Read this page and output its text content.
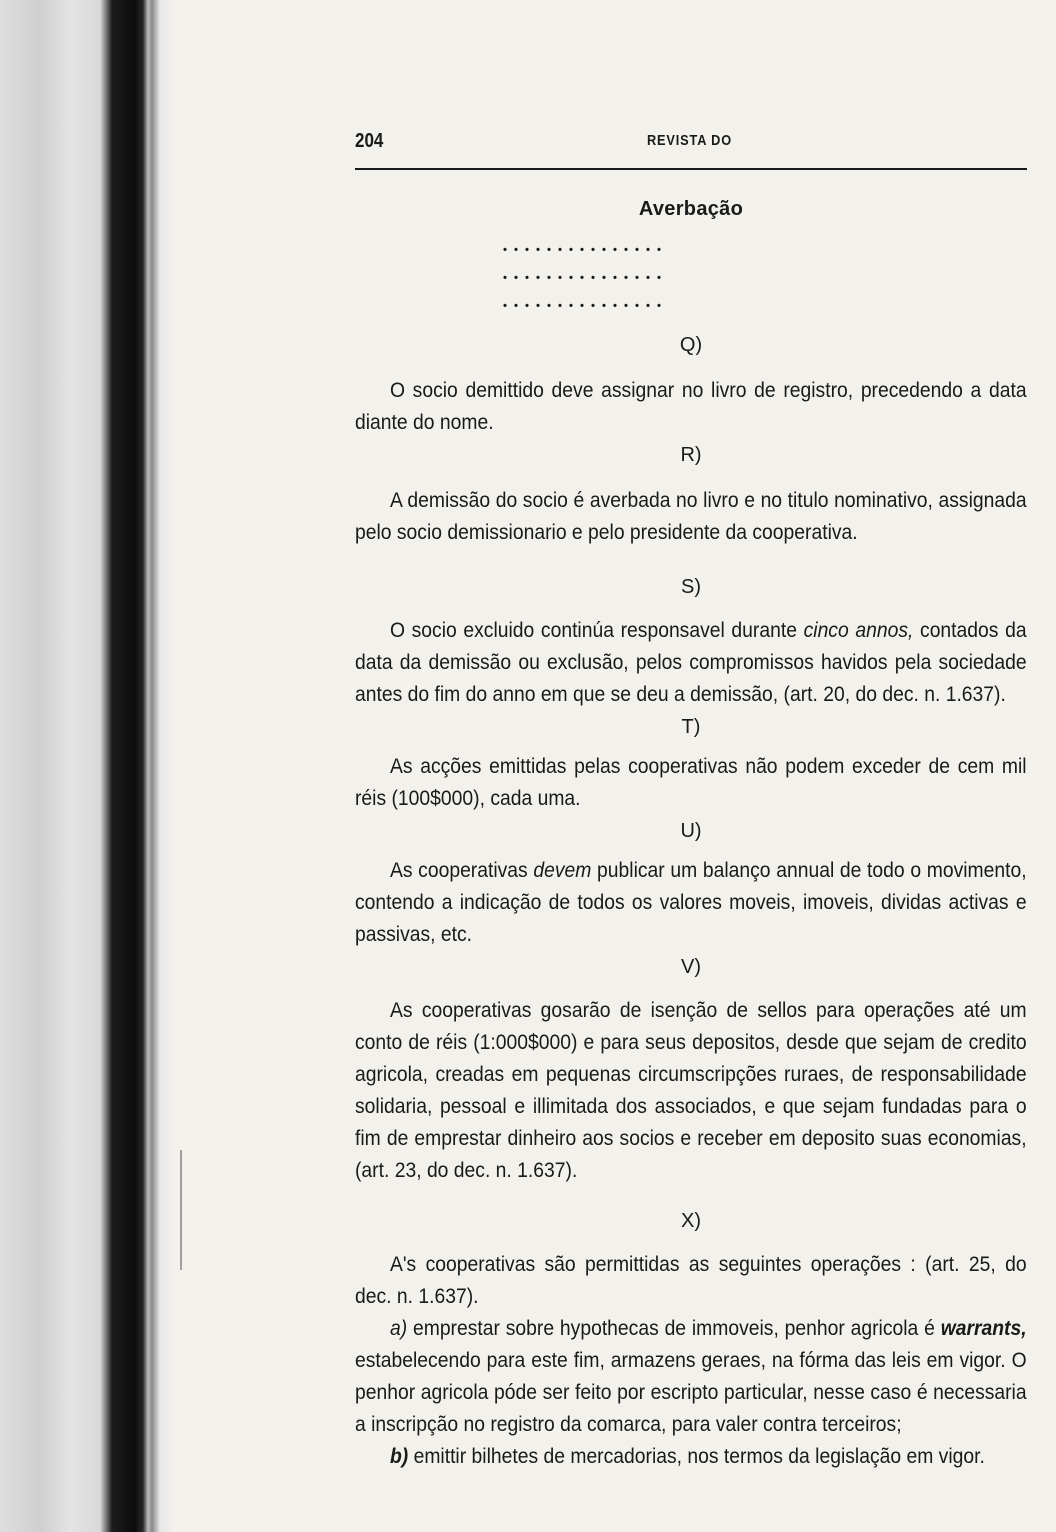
204	REVISTA DO
Averbação
...............
...............
...............
Q)

O socio demittido deve assignar no livro de registro, precedendo a data diante do nome.

R)

A demissão do socio é averbada no livro e no titulo nominativo, assignada pelo socio demissionario e pelo presidente da cooperativa.

S)

O socio excluido continúa responsavel durante cinco annos, contados da data da demissão ou exclusão, pelos compromissos havidos pela sociedade antes do fim do anno em que se deu a demissão, (art. 20, do dec. n. 1.637).

T)

As acções emittidas pelas cooperativas não podem exceder de cem mil réis (100$000), cada uma.

U)

As cooperativas devem publicar um balanço annual de todo o movimento, contendo a indicação de todos os valores moveis, imoveis, dividas activas e passivas, etc.

V)

As cooperativas gosarão de isenção de sellos para operações até um conto de réis (1:000$000) e para seus depositos, desde que sejam de credito agricola, creadas em pequenas circumscripções ruraes, de responsabilidade solidaria, pessoal e illimitada dos associados, e que sejam fundadas para o fim de emprestar dinheiro aos socios e receber em deposito suas economias, (art. 23, do dec. n. 1.637).

X)

A's cooperativas são permittidas as seguintes operações : (art. 25, do dec. n. 1.637).

a) emprestar sobre hypothecas de immoveis, penhor agricola é warrants, estabelecendo para este fim, armazens geraes, na fórma das leis em vigor. O penhor agricola póde ser feito por escripto particular, nesse caso é necessaria a inscripção no registro da comarca, para valer contra terceiros;

b) emittir bilhetes de mercadorias, nos termos da legislação em vigor.
